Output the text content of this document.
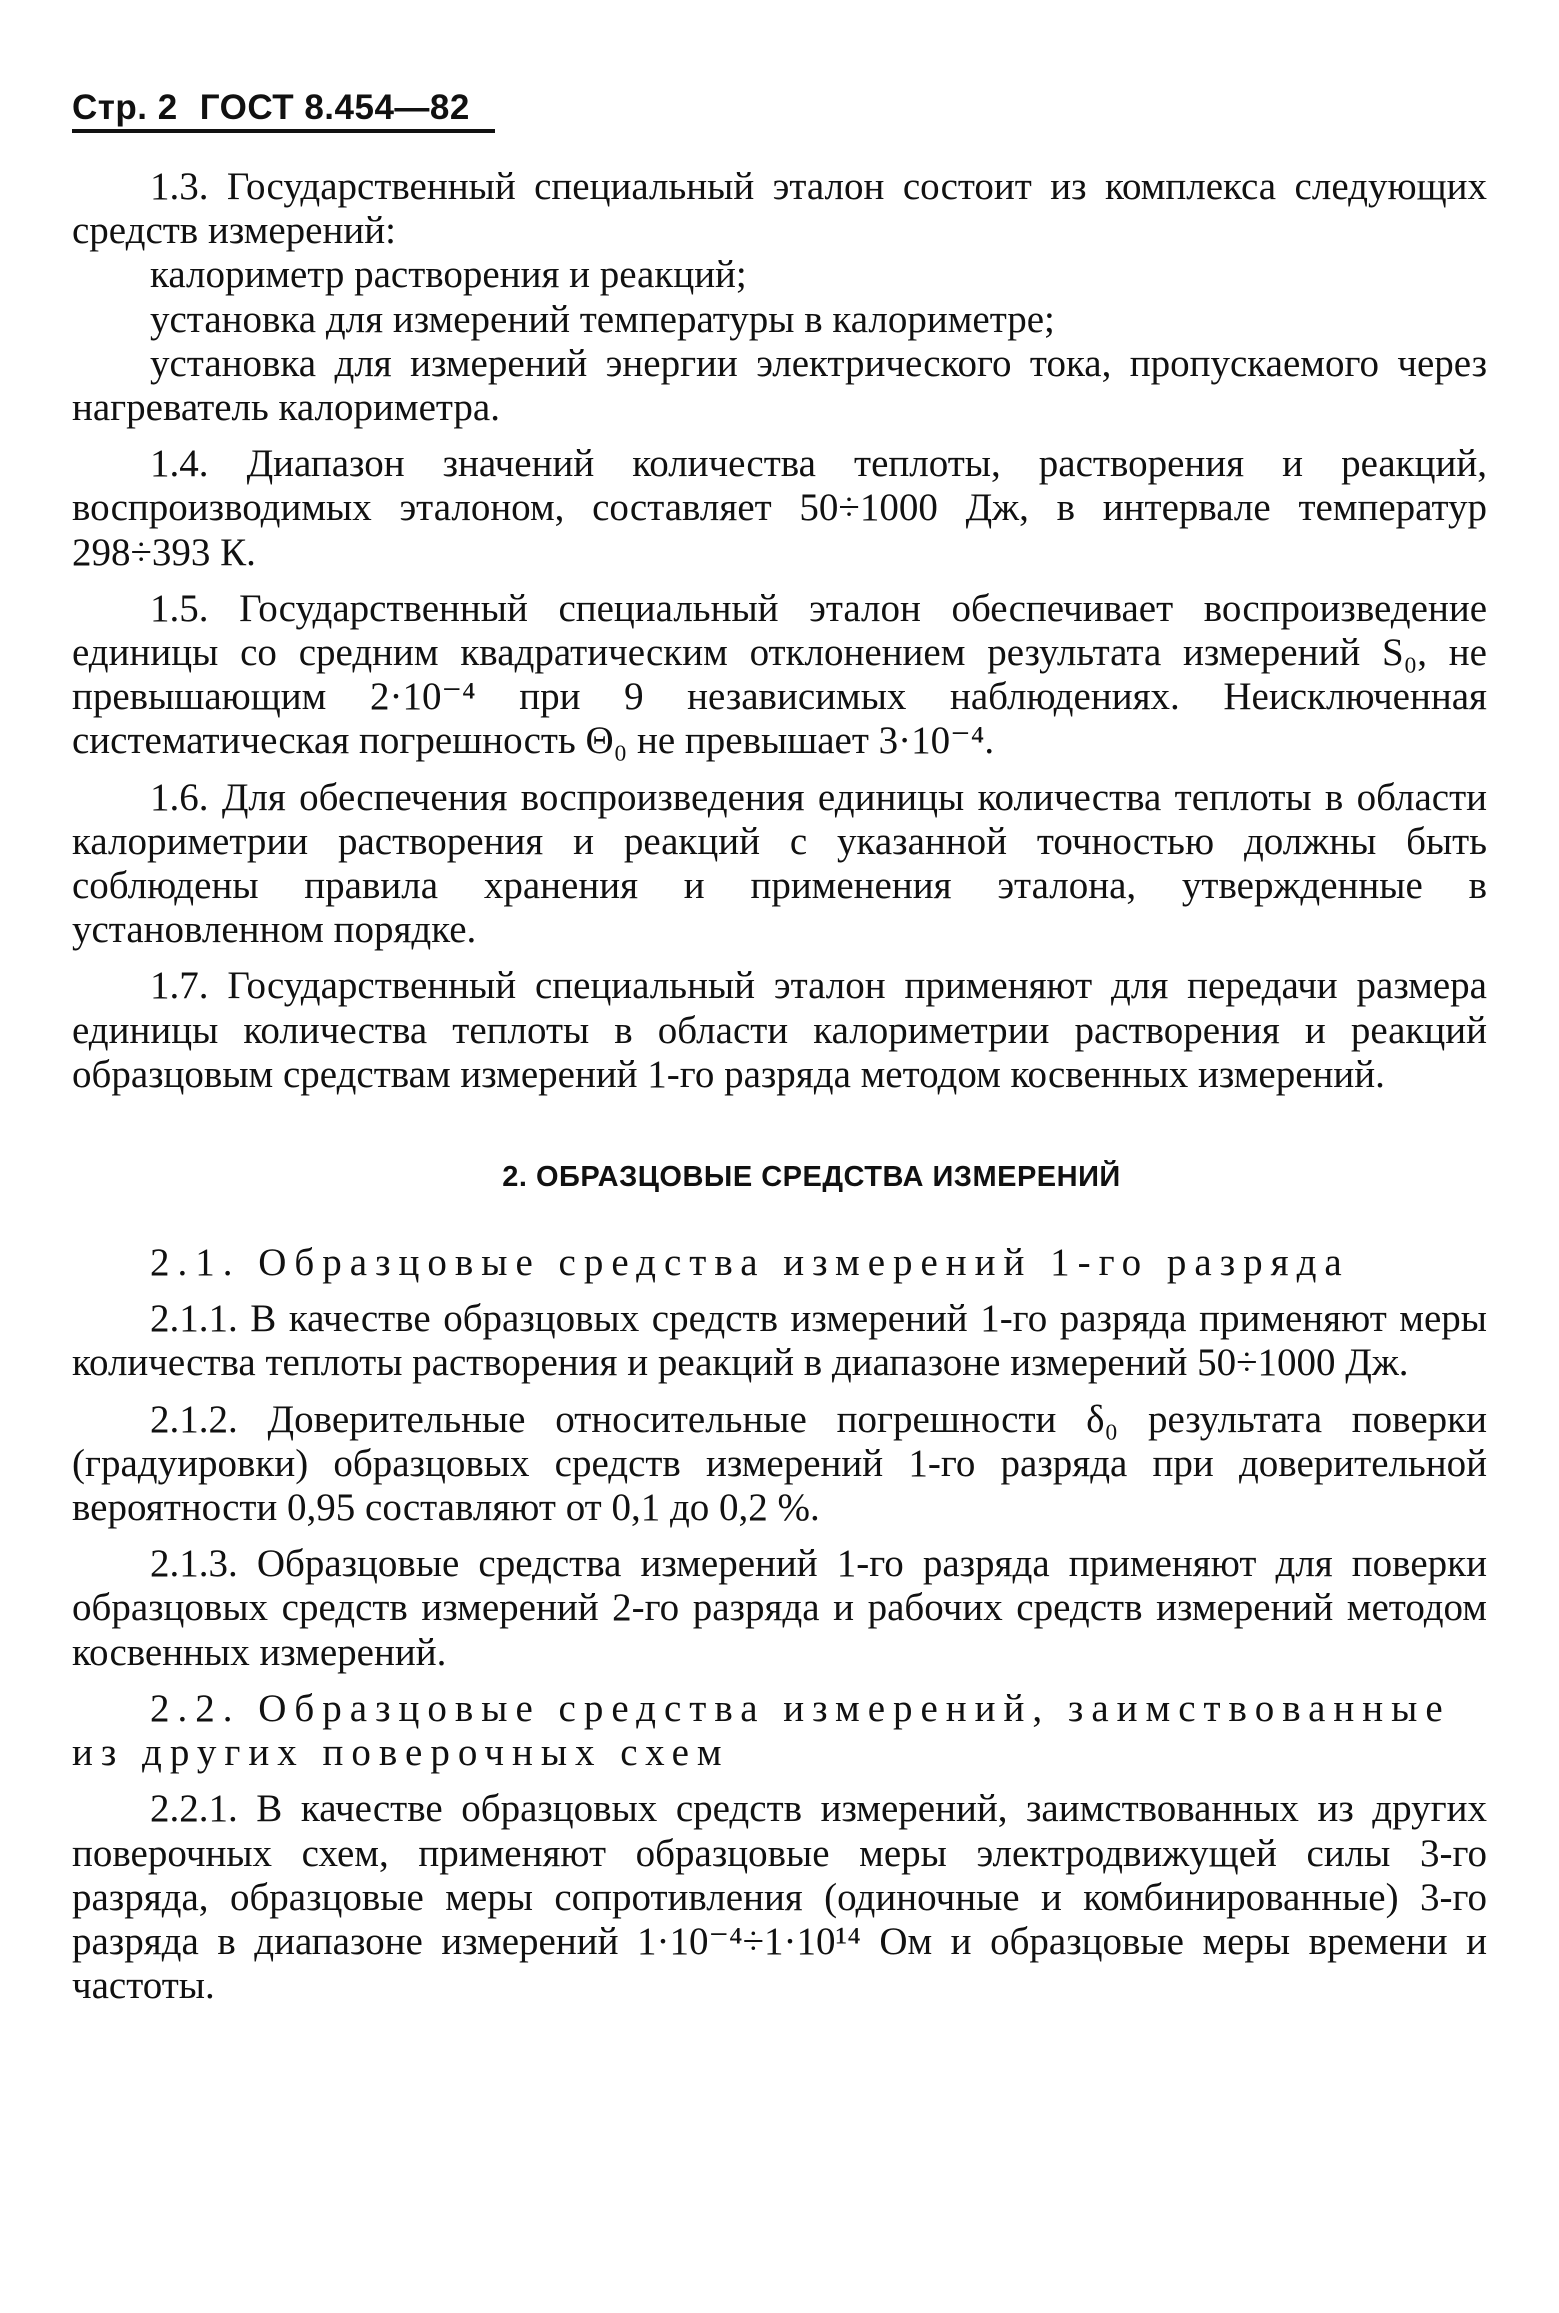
Стр. 2 ГОСТ 8.454—82

1.3. Государственный специальный эталон состоит из комплекса следующих средств измерений:

калориметр растворения и реакций;

установка для измерений температуры в калориметре;

установка для измерений энергии электрического тока, пропускаемого через нагреватель калориметра.

1.4. Диапазон значений количества теплоты, растворения и реакций, воспроизводимых эталоном, составляет 50÷1000 Дж, в интервале температур 298÷393 К.

1.5. Государственный специальный эталон обеспечивает воспроизведение единицы со средним квадратическим отклонением результата измерений S₀, не превышающим 2·10⁻⁴ при 9 независимых наблюдениях. Неисключенная систематическая погрешность Θ₀ не превышает 3·10⁻⁴.

1.6. Для обеспечения воспроизведения единицы количества теплоты в области калориметрии растворения и реакций с указанной точностью должны быть соблюдены правила хранения и применения эталона, утвержденные в установленном порядке.

1.7. Государственный специальный эталон применяют для передачи размера единицы количества теплоты в области калориметрии растворения и реакций образцовым средствам измерений 1-го разряда методом косвенных измерений.

2. ОБРАЗЦОВЫЕ СРЕДСТВА ИЗМЕРЕНИЙ

2.1. Образцовые средства измерений 1-го разряда

2.1.1. В качестве образцовых средств измерений 1-го разряда применяют меры количества теплоты растворения и реакций в диапазоне измерений 50÷1000 Дж.

2.1.2. Доверительные относительные погрешности δ₀ результата поверки (градуировки) образцовых средств измерений 1-го разряда при доверительной вероятности 0,95 составляют от 0,1 до 0,2 %.

2.1.3. Образцовые средства измерений 1-го разряда применяют для поверки образцовых средств измерений 2-го разряда и рабочих средств измерений методом косвенных измерений.

2.2. Образцовые средства измерений, заимствованные из других поверочных схем

2.2.1. В качестве образцовых средств измерений, заимствованных из других поверочных схем, применяют образцовые меры электродвижущей силы 3-го разряда, образцовые меры сопротивления (одиночные и комбинированные) 3-го разряда в диапазоне измерений 1·10⁻⁴÷1·10¹⁴ Ом и образцовые меры времени и частоты.
